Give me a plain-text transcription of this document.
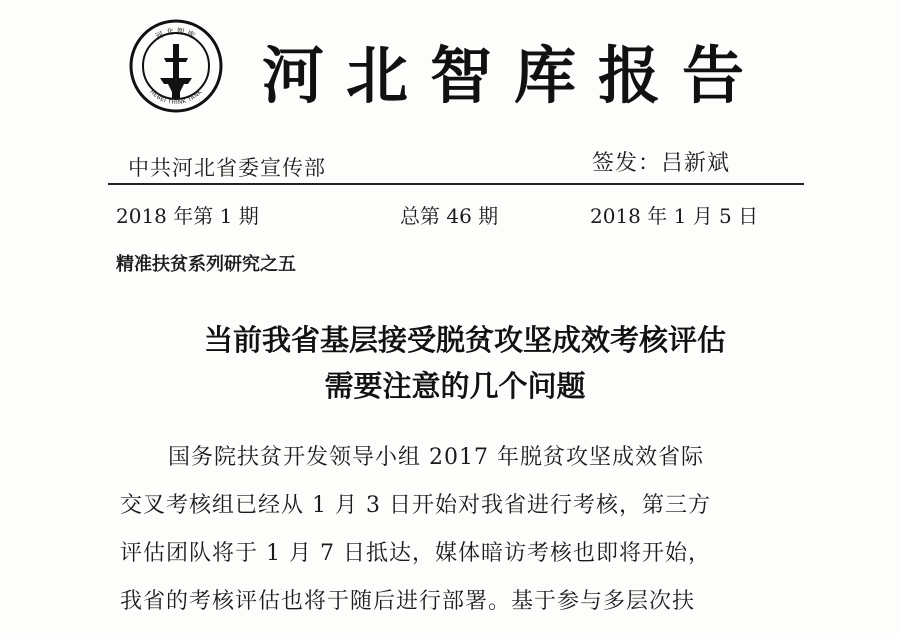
河北智库
HEBEI THINK TANK 河北智库报告
中共河北省委宣传部	签发：吕新斌
2018 年第 1 期	总第 46 期	2018 年 1 月 5 日
精准扶贫系列研究之五
当前我省基层接受脱贫攻坚成效考核评估
需要注意的几个问题

国务院扶贫开发领导小组 2017 年脱贫攻坚成效省际

交叉考核组已经从 1 月 3 日开始对我省进行考核，第三方

评估团队将于 1 月 7 日抵达，媒体暗访考核也即将开始，

我省的考核评估也将于随后进行部署。基于参与多层次扶
